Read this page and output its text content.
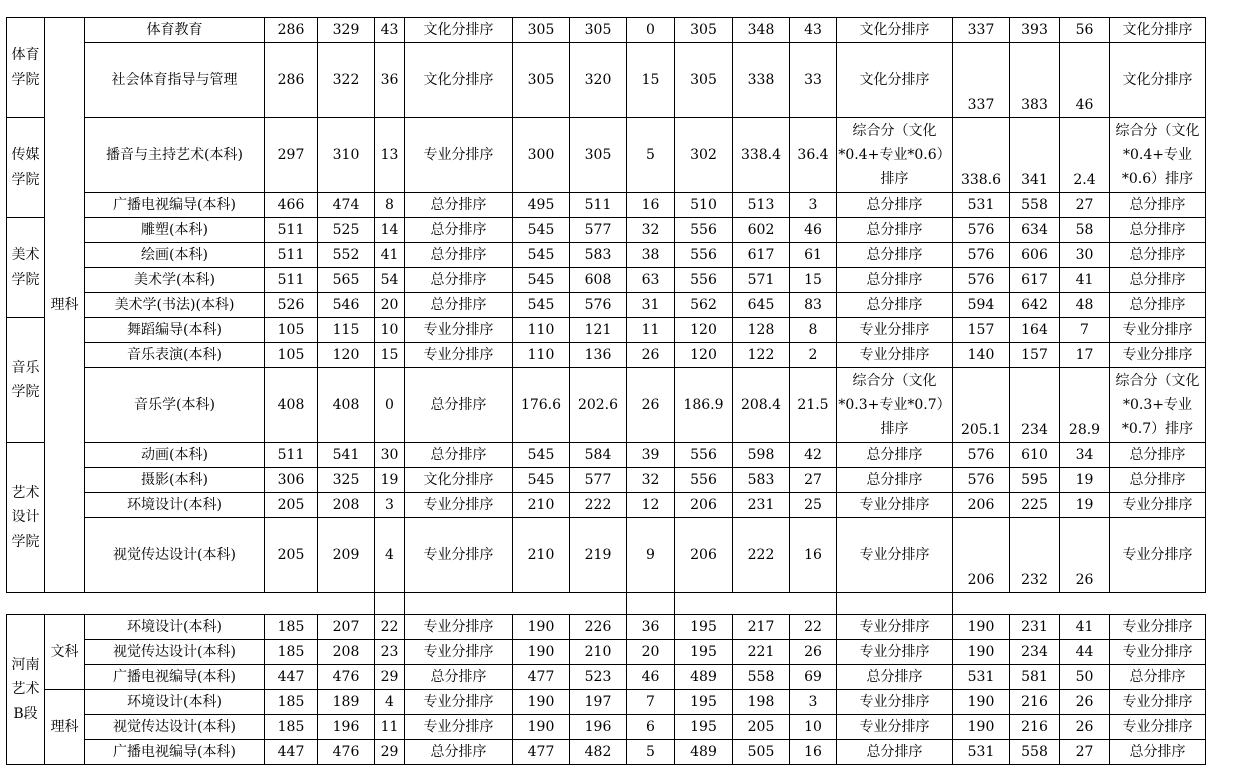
体育学院	理科	体育教育	286	329	43	文化分排序	305	305	0	305	348	43	文化分排序	337	393	56	文化分排序
		社会体育指导与管理	286	322	36	文化分排序	305	320	15	305	338	33	文化分排序	337	383	46	文化分排序
传媒学院		播音与主持艺术(本科)	297	310	13	专业分排序	300	305	5	302	338.4	36.4	综合分（文化*0.4+专业*0.6）排序	338.6	341	2.4	综合分（文化*0.4+专业*0.6）排序
		广播电视编导(本科)	466	474	8	总分排序	495	511	16	510	513	3	总分排序	531	558	27	总分排序
美术学院		雕塑(本科)	511	525	14	总分排序	545	577	32	556	602	46	总分排序	576	634	58	总分排序
		绘画(本科)	511	552	41	总分排序	545	583	38	556	617	61	总分排序	576	606	30	总分排序
		美术学(本科)	511	565	54	总分排序	545	608	63	556	571	15	总分排序	576	617	41	总分排序
		美术学(书法)(本科)	526	546	20	总分排序	545	576	31	562	645	83	总分排序	594	642	48	总分排序
音乐学院		舞蹈编导(本科)	105	115	10	专业分排序	110	121	11	120	128	8	专业分排序	157	164	7	专业分排序
		音乐表演(本科)	105	120	15	专业分排序	110	136	26	120	122	2	专业分排序	140	157	17	专业分排序
		音乐学(本科)	408	408	0	总分排序	176.6	202.6	26	186.9	208.4	21.5	综合分（文化*0.3+专业*0.7）排序	205.1	234	28.9	综合分（文化*0.3+专业*0.7）排序
艺术设计学院		动画(本科)	511	541	30	总分排序	545	584	39	556	598	42	总分排序	576	610	34	总分排序
		摄影(本科)	306	325	19	文化分排序	545	577	32	556	583	27	总分排序	576	595	19	总分排序
		环境设计(本科)	205	208	3	专业分排序	210	222	12	206	231	25	专业分排序	206	225	19	专业分排序
		视觉传达设计(本科)	205	209	4	专业分排序	210	219	9	206	222	16	专业分排序	206	232	26	专业分排序

河南艺术B段	文科	环境设计(本科)	185	207	22	专业分排序	190	226	36	195	217	22	专业分排序	190	231	41	专业分排序
		视觉传达设计(本科)	185	208	23	专业分排序	190	210	20	195	221	26	专业分排序	190	234	44	专业分排序
		广播电视编导(本科)	447	476	29	总分排序	477	523	46	489	558	69	总分排序	531	581	50	总分排序
	理科	环境设计(本科)	185	189	4	专业分排序	190	197	7	195	198	3	专业分排序	190	216	26	专业分排序
		视觉传达设计(本科)	185	196	11	专业分排序	190	196	6	195	205	10	专业分排序	190	216	26	专业分排序
		广播电视编导(本科)	447	476	29	总分排序	477	482	5	489	505	16	总分排序	531	558	27	总分排序
